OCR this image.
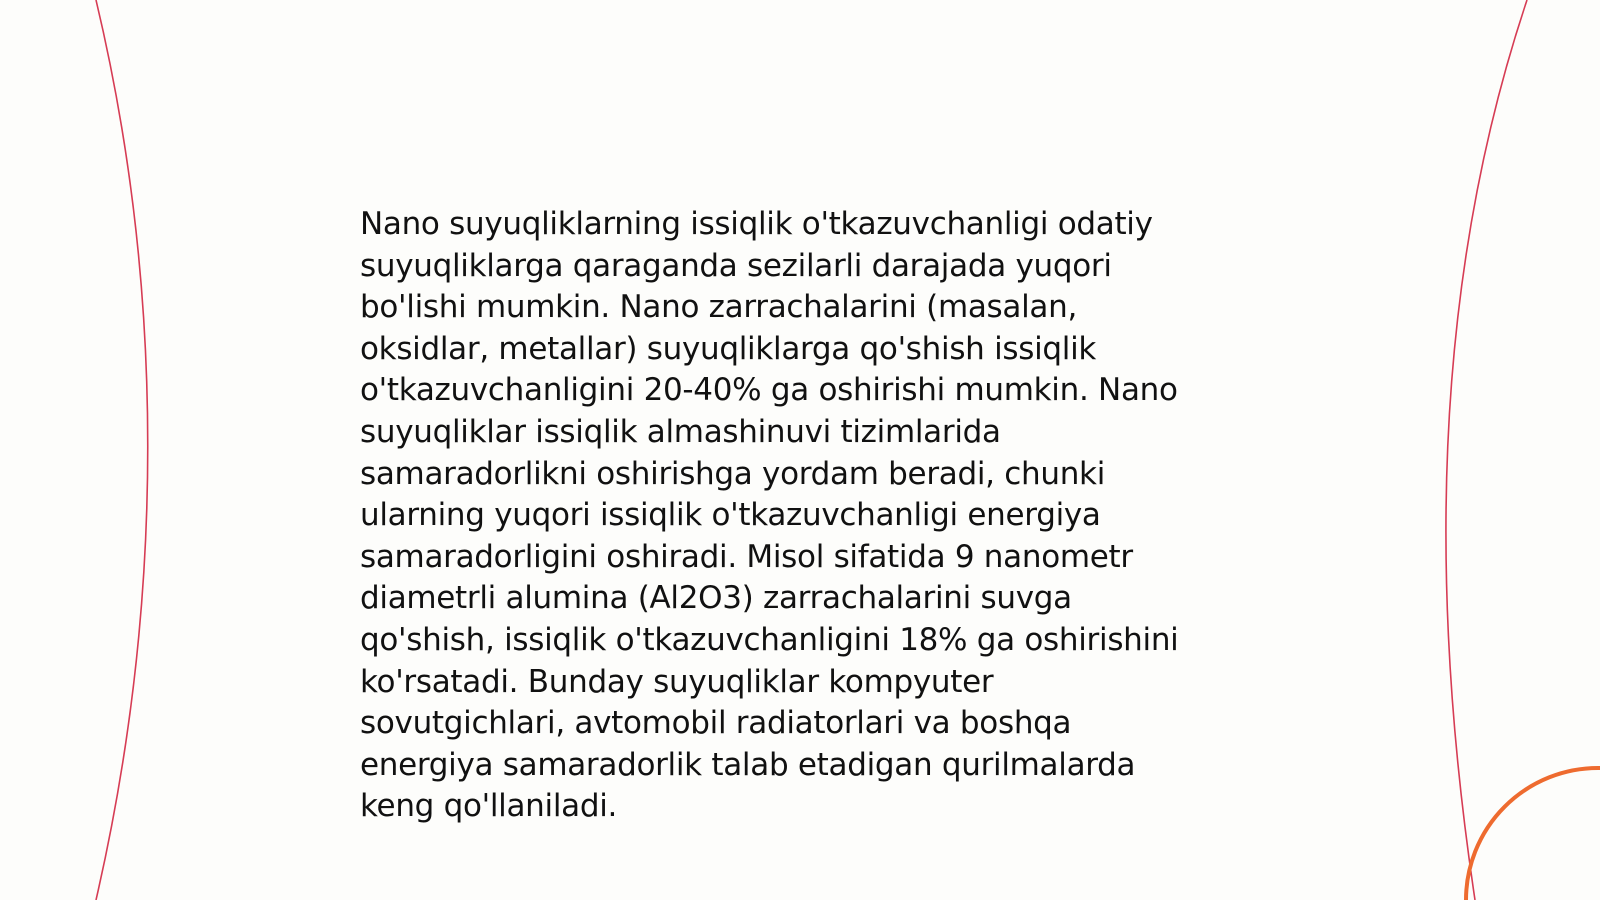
Nano suyuqliklarning issiqlik o'tkazuvchanligi odatiy
suyuqliklarga qaraganda sezilarli darajada yuqori
bo'lishi mumkin. Nano zarrachalarini (masalan,
oksidlar, metallar) suyuqliklarga qo'shish issiqlik
o'tkazuvchanligini 20-40% ga oshirishi mumkin. Nano
suyuqliklar issiqlik almashinuvi tizimlarida
samaradorlikni oshirishga yordam beradi, chunki
ularning yuqori issiqlik o'tkazuvchanligi energiya
samaradorligini oshiradi. Misol sifatida 9 nanometr
diametrli alumina (Al2O3) zarrachalarini suvga
qo'shish, issiqlik o'tkazuvchanligini 18% ga oshirishini
ko'rsatadi. Bunday suyuqliklar kompyuter
sovutgichlari, avtomobil radiatorlari va boshqa
energiya samaradorlik talab etadigan qurilmalarda
keng qo'llaniladi.
